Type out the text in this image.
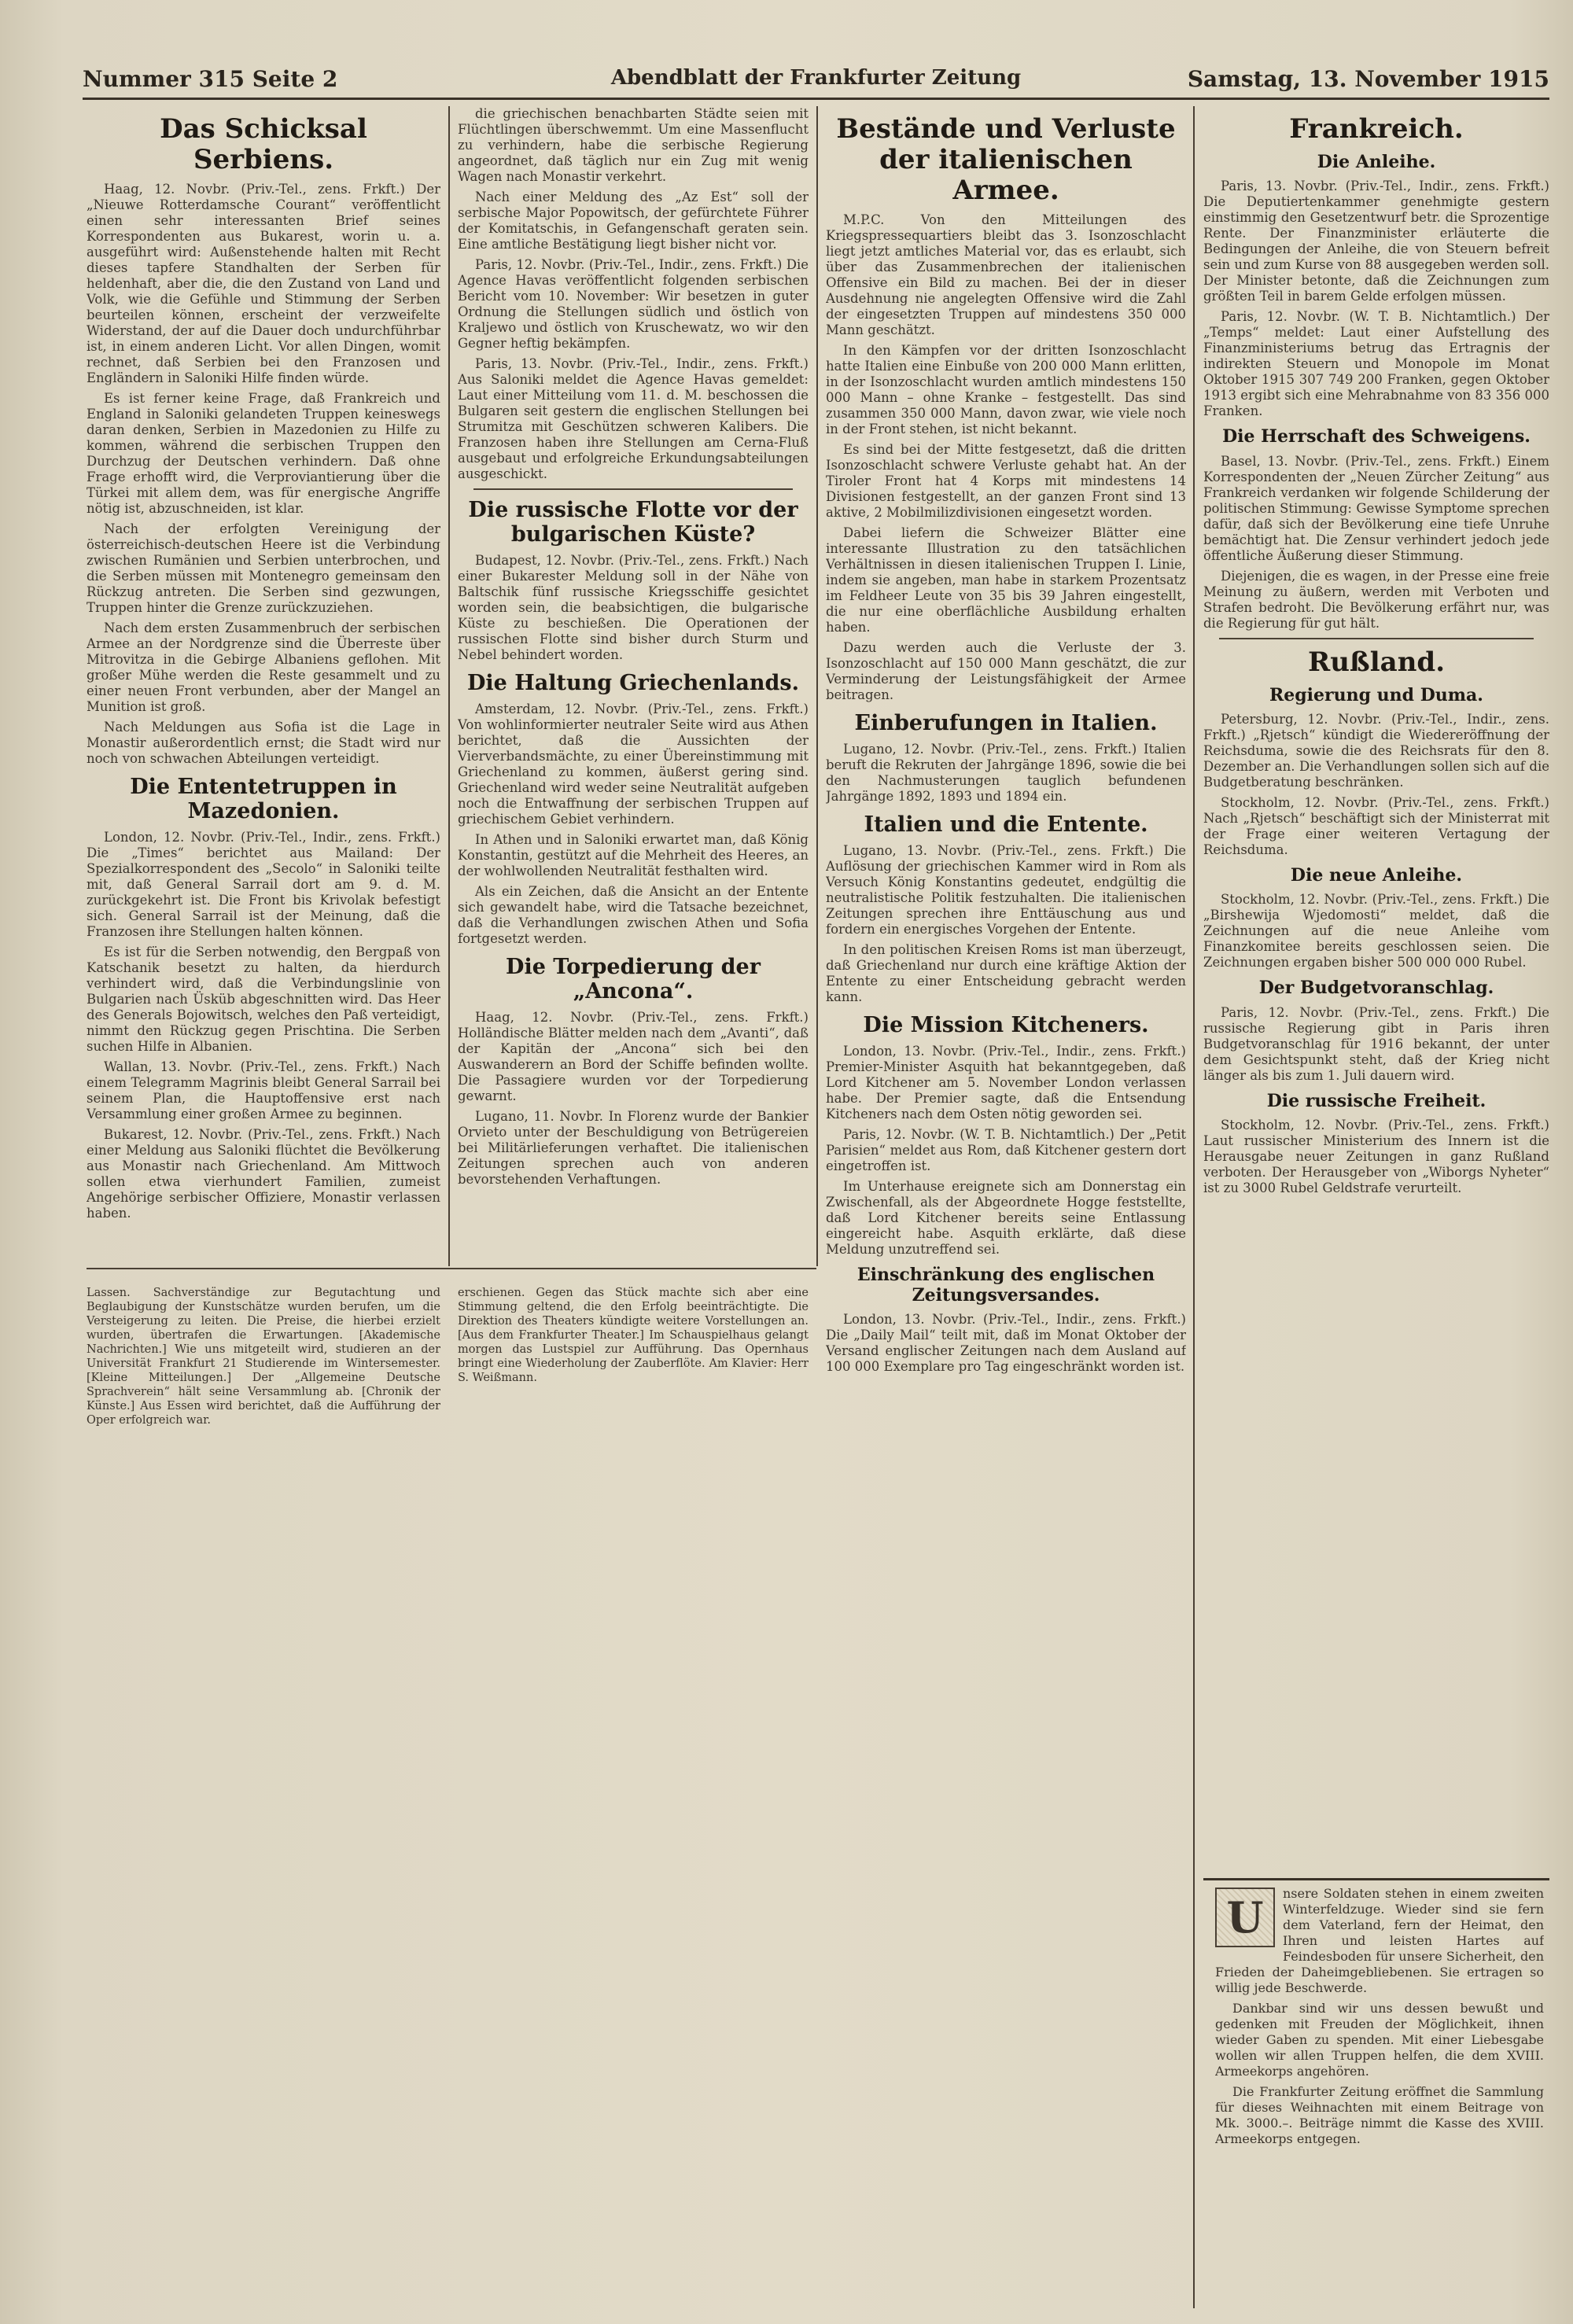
Nummer 315 Seite 2	Abendblatt der Frankfurter Zeitung	Samstag, 13. November 1915
Das Schicksal Serbiens.

Haag, 12. Novbr. (Priv.-Tel., zens. Frkft.) Der „Nieuwe Rotterdamsche Courant“ veröffentlicht einen sehr interessanten Brief seines Korrespondenten aus Bukarest, worin u. a. ausgeführt wird: Außenstehende halten mit Recht dieses tapfere Standhalten der Serben für heldenhaft, aber die, die den Zustand von Land und Volk, wie die Gefühle und Stimmung der Serben beurteilen können, erscheint der verzweifelte Widerstand, der auf die Dauer doch undurchführbar ist, in einem anderen Licht. Vor allen Dingen, womit rechnet, daß Serbien bei den Franzosen und Engländern in Saloniki Hilfe finden würde.

Es ist ferner keine Frage, daß Frankreich und England in Saloniki gelandeten Truppen keineswegs daran denken, Serbien in Mazedonien zu Hilfe zu kommen, während die serbischen Truppen den Durchzug der Deutschen verhindern. Daß ohne Frage erhofft wird, die Verproviantierung über die Türkei mit allem dem, was für energische Angriffe nötig ist, abzuschneiden, ist klar.

Nach der erfolgten Vereinigung der österreichisch-deutschen Heere ist die Verbindung zwischen Rumänien und Serbien unterbrochen, und die Serben müssen mit Montenegro gemeinsam den Rückzug antreten. Die Serben sind gezwungen, Truppen hinter die Grenze zurückzuziehen.

Nach dem ersten Zusammenbruch der serbischen Armee an der Nordgrenze sind die Überreste über Mitrovitza in die Gebirge Albaniens geflohen. Mit großer Mühe werden die Reste gesammelt und zu einer neuen Front verbunden, aber der Mangel an Munition ist groß.

Nach Meldungen aus Sofia ist die Lage in Monastir außerordentlich ernst; die Stadt wird nur noch von schwachen Abteilungen verteidigt.

Die Ententetruppen in Mazedonien.

London, 12. Novbr. (Priv.-Tel., Indir., zens. Frkft.) Die „Times“ berichtet aus Mailand: Der Spezialkorrespondent des „Secolo“ in Saloniki teilte mit, daß General Sarrail dort am 9. d. M. zurückgekehrt ist. Die Front bis Krivolak befestigt sich. General Sarrail ist der Meinung, daß die Franzosen ihre Stellungen halten können.

Es ist für die Serben notwendig, den Bergpaß von Katschanik besetzt zu halten, da hierdurch verhindert wird, daß die Verbindungslinie von Bulgarien nach Üsküb abgeschnitten wird. Das Heer des Generals Bojowitsch, welches den Paß verteidigt, nimmt den Rückzug gegen Prischtina. Die Serben suchen Hilfe in Albanien.

Wallan, 13. Novbr. (Priv.-Tel., zens. Frkft.) Nach einem Telegramm Magrinis bleibt General Sarrail bei seinem Plan, die Hauptoffensive erst nach Versammlung einer großen Armee zu beginnen.

Bukarest, 12. Novbr. (Priv.-Tel., zens. Frkft.) Nach einer Meldung aus Saloniki flüchtet die Bevölkerung aus Monastir nach Griechenland. Am Mittwoch sollen etwa vierhundert Familien, zumeist Angehörige serbischer Offiziere, Monastir verlassen haben.

die griechischen benachbarten Städte seien mit Flüchtlingen überschwemmt. Um eine Massenflucht zu verhindern, habe die serbische Regierung angeordnet, daß täglich nur ein Zug mit wenig Wagen nach Monastir verkehrt.

Nach einer Meldung des „Az Est“ soll der serbische Major Popowitsch, der gefürchtete Führer der Komitatschis, in Gefangenschaft geraten sein. Eine amtliche Bestätigung liegt bisher nicht vor.

Paris, 12. Novbr. (Priv.-Tel., Indir., zens. Frkft.) Die Agence Havas veröffentlicht folgenden serbischen Bericht vom 10. November: Wir besetzen in guter Ordnung die Stellungen südlich und östlich von Kraljewo und östlich von Kruschewatz, wo wir den Gegner heftig bekämpfen.

Paris, 13. Novbr. (Priv.-Tel., Indir., zens. Frkft.) Aus Saloniki meldet die Agence Havas gemeldet: Laut einer Mitteilung vom 11. d. M. beschossen die Bulgaren seit gestern die englischen Stellungen bei Strumitza mit Geschützen schweren Kalibers. Die Franzosen haben ihre Stellungen am Cerna-Fluß ausgebaut und erfolgreiche Erkundungsabteilungen ausgeschickt.

Die russische Flotte vor der bulgarischen Küste?

Budapest, 12. Novbr. (Priv.-Tel., zens. Frkft.) Nach einer Bukarester Meldung soll in der Nähe von Baltschik fünf russische Kriegsschiffe gesichtet worden sein, die beabsichtigen, die bulgarische Küste zu beschießen. Die Operationen der russischen Flotte sind bisher durch Sturm und Nebel behindert worden.

Die Haltung Griechenlands.

Amsterdam, 12. Novbr. (Priv.-Tel., zens. Frkft.) Von wohlinformierter neutraler Seite wird aus Athen berichtet, daß die Aussichten der Vierverbandsmächte, zu einer Übereinstimmung mit Griechenland zu kommen, äußerst gering sind. Griechenland wird weder seine Neutralität aufgeben noch die Entwaffnung der serbischen Truppen auf griechischem Gebiet verhindern.

In Athen und in Saloniki erwartet man, daß König Konstantin, gestützt auf die Mehrheit des Heeres, an der wohlwollenden Neutralität festhalten wird.

Als ein Zeichen, daß die Ansicht an der Entente sich gewandelt habe, wird die Tatsache bezeichnet, daß die Verhandlungen zwischen Athen und Sofia fortgesetzt werden.

Die Torpedierung der „Ancona“.

Haag, 12. Novbr. (Priv.-Tel., zens. Frkft.) Holländische Blätter melden nach dem „Avanti“, daß der Kapitän der „Ancona“ sich bei den Auswanderern an Bord der Schiffe befinden wollte. Die Passagiere wurden vor der Torpedierung gewarnt.

Lugano, 11. Novbr. In Florenz wurde der Bankier Orvieto unter der Beschuldigung von Betrügereien bei Militärlieferungen verhaftet. Die italienischen Zeitungen sprechen auch von anderen bevorstehenden Verhaftungen.

Bestände und Verluste der italienischen Armee.

M.P.C. Von den Mitteilungen des Kriegspressequartiers bleibt das 3. Isonzoschlacht liegt jetzt amtliches Material vor, das es erlaubt, sich über das Zusammenbrechen der italienischen Offensive ein Bild zu machen. Bei der in dieser Ausdehnung nie angelegten Offensive wird die Zahl der eingesetzten Truppen auf mindestens 350 000 Mann geschätzt.

In den Kämpfen vor der dritten Isonzoschlacht hatte Italien eine Einbuße von 200 000 Mann erlitten, in der Isonzoschlacht wurden amtlich mindestens 150 000 Mann – ohne Kranke – festgestellt. Das sind zusammen 350 000 Mann, davon zwar, wie viele noch in der Front stehen, ist nicht bekannt.

Es sind bei der Mitte festgesetzt, daß die dritten Isonzoschlacht schwere Verluste gehabt hat. An der Tiroler Front hat 4 Korps mit mindestens 14 Divisionen festgestellt, an der ganzen Front sind 13 aktive, 2 Mobilmilizdivisionen eingesetzt worden.

Dabei liefern die Schweizer Blätter eine interessante Illustration zu den tatsächlichen Verhältnissen in diesen italienischen Truppen I. Linie, indem sie angeben, man habe in starkem Prozentsatz im Feldheer Leute von 35 bis 39 Jahren eingestellt, die nur eine oberflächliche Ausbildung erhalten haben.

Dazu werden auch die Verluste der 3. Isonzoschlacht auf 150 000 Mann geschätzt, die zur Verminderung der Leistungsfähigkeit der Armee beitragen.

Einberufungen in Italien.

Lugano, 12. Novbr. (Priv.-Tel., zens. Frkft.) Italien beruft die Rekruten der Jahrgänge 1896, sowie die bei den Nachmusterungen tauglich befundenen Jahrgänge 1892, 1893 und 1894 ein.

Italien und die Entente.

Lugano, 13. Novbr. (Priv.-Tel., zens. Frkft.) Die Auflösung der griechischen Kammer wird in Rom als Versuch König Konstantins gedeutet, endgültig die neutralistische Politik festzuhalten. Die italienischen Zeitungen sprechen ihre Enttäuschung aus und fordern ein energisches Vorgehen der Entente.

In den politischen Kreisen Roms ist man überzeugt, daß Griechenland nur durch eine kräftige Aktion der Entente zu einer Entscheidung gebracht werden kann.

Die Mission Kitcheners.

London, 13. Novbr. (Priv.-Tel., Indir., zens. Frkft.) Premier-Minister Asquith hat bekanntgegeben, daß Lord Kitchener am 5. November London verlassen habe. Der Premier sagte, daß die Entsendung Kitcheners nach dem Osten nötig geworden sei.

Paris, 12. Novbr. (W. T. B. Nichtamtlich.) Der „Petit Parisien“ meldet aus Rom, daß Kitchener gestern dort eingetroffen ist.

Im Unterhause ereignete sich am Donnerstag ein Zwischenfall, als der Abgeordnete Hogge feststellte, daß Lord Kitchener bereits seine Entlassung eingereicht habe. Asquith erklärte, daß diese Meldung unzutreffend sei.

Einschränkung des englischen Zeitungsversandes.

London, 13. Novbr. (Priv.-Tel., Indir., zens. Frkft.) Die „Daily Mail“ teilt mit, daß im Monat Oktober der Versand englischer Zeitungen nach dem Ausland auf 100 000 Exemplare pro Tag eingeschränkt worden ist.

Frankreich.
Die Anleihe.

Paris, 13. Novbr. (Priv.-Tel., Indir., zens. Frkft.) Die Deputiertenkammer genehmigte gestern einstimmig den Gesetzentwurf betr. die Sprozentige Rente. Der Finanzminister erläuterte die Bedingungen der Anleihe, die von Steuern befreit sein und zum Kurse von 88 ausgegeben werden soll. Der Minister betonte, daß die Zeichnungen zum größten Teil in barem Gelde erfolgen müssen.

Paris, 12. Novbr. (W. T. B. Nichtamtlich.) Der „Temps“ meldet: Laut einer Aufstellung des Finanzministeriums betrug das Ertragnis der indirekten Steuern und Monopole im Monat Oktober 1915 307 749 200 Franken, gegen Oktober 1913 ergibt sich eine Mehrabnahme von 83 356 000 Franken.

Die Herrschaft des Schweigens.

Basel, 13. Novbr. (Priv.-Tel., zens. Frkft.) Einem Korrespondenten der „Neuen Zürcher Zeitung“ aus Frankreich verdanken wir folgende Schilderung der politischen Stimmung: Gewisse Symptome sprechen dafür, daß sich der Bevölkerung eine tiefe Unruhe bemächtigt hat. Die Zensur verhindert jedoch jede öffentliche Äußerung dieser Stimmung.

Diejenigen, die es wagen, in der Presse eine freie Meinung zu äußern, werden mit Verboten und Strafen bedroht. Die Bevölkerung erfährt nur, was die Regierung für gut hält.

Rußland.
Regierung und Duma.

Petersburg, 12. Novbr. (Priv.-Tel., Indir., zens. Frkft.) „Rjetsch“ kündigt die Wiedereröffnung der Reichsduma, sowie die des Reichsrats für den 8. Dezember an. Die Verhandlungen sollen sich auf die Budgetberatung beschränken.

Stockholm, 12. Novbr. (Priv.-Tel., zens. Frkft.) Nach „Rjetsch“ beschäftigt sich der Ministerrat mit der Frage einer weiteren Vertagung der Reichsduma.

Die neue Anleihe.

Stockholm, 12. Novbr. (Priv.-Tel., zens. Frkft.) Die „Birshewija Wjedomosti“ meldet, daß die Zeichnungen auf die neue Anleihe vom Finanzkomitee bereits geschlossen seien. Die Zeichnungen ergaben bisher 500 000 000 Rubel.

Der Budgetvoranschlag.

Paris, 12. Novbr. (Priv.-Tel., zens. Frkft.) Die russische Regierung gibt in Paris ihren Budgetvoranschlag für 1916 bekannt, der unter dem Gesichtspunkt steht, daß der Krieg nicht länger als bis zum 1. Juli dauern wird.

Die russische Freiheit.

Stockholm, 12. Novbr. (Priv.-Tel., zens. Frkft.) Laut russischer Ministerium des Innern ist die Herausgabe neuer Zeitungen in ganz Rußland verboten. Der Herausgeber von „Wiborgs Nyheter“ ist zu 3000 Rubel Geldstrafe verurteilt.

Lassen. Sachverständige zur Begutachtung und Beglaubigung der Kunstschätze wurden berufen, um die Versteigerung zu leiten. Die Preise, die hierbei erzielt wurden, übertrafen die Erwartungen. [Akademische Nachrichten.] Wie uns mitgeteilt wird, studieren an der Universität Frankfurt 21 Studierende im Wintersemester. [Kleine Mitteilungen.] Der „Allgemeine Deutsche Sprachverein“ hält seine Versammlung ab. [Chronik der Künste.] Aus Essen wird berichtet, daß die Aufführung der Oper erfolgreich war.

erschienen. Gegen das Stück machte sich aber eine Stimmung geltend, die den Erfolg beeinträchtigte. Die Direktion des Theaters kündigte weitere Vorstellungen an. [Aus dem Frankfurter Theater.] Im Schauspielhaus gelangt morgen das Lustspiel zur Aufführung. Das Opernhaus bringt eine Wiederholung der Zauberflöte. Am Klavier: Herr S. Weißmann.

U	nsere Soldaten stehen in einem zweiten Winterfeldzuge. Wieder sind sie fern dem Vaterland, fern der Heimat, den Ihren und leisten Hartes auf Feindesboden für unsere Sicherheit, den Frieden der Daheimgebliebenen. Sie ertragen so willig jede Beschwerde.

Dankbar sind wir uns dessen bewußt und gedenken mit Freuden der Möglichkeit, ihnen wieder Gaben zu spenden. Mit einer Liebesgabe wollen wir allen Truppen helfen, die dem XVIII. Armeekorps angehören.

Die Frankfurter Zeitung eröffnet die Sammlung für dieses Weihnachten mit einem Beitrage von Mk. 3000.–. Beiträge nimmt die Kasse des XVIII. Armeekorps entgegen.
